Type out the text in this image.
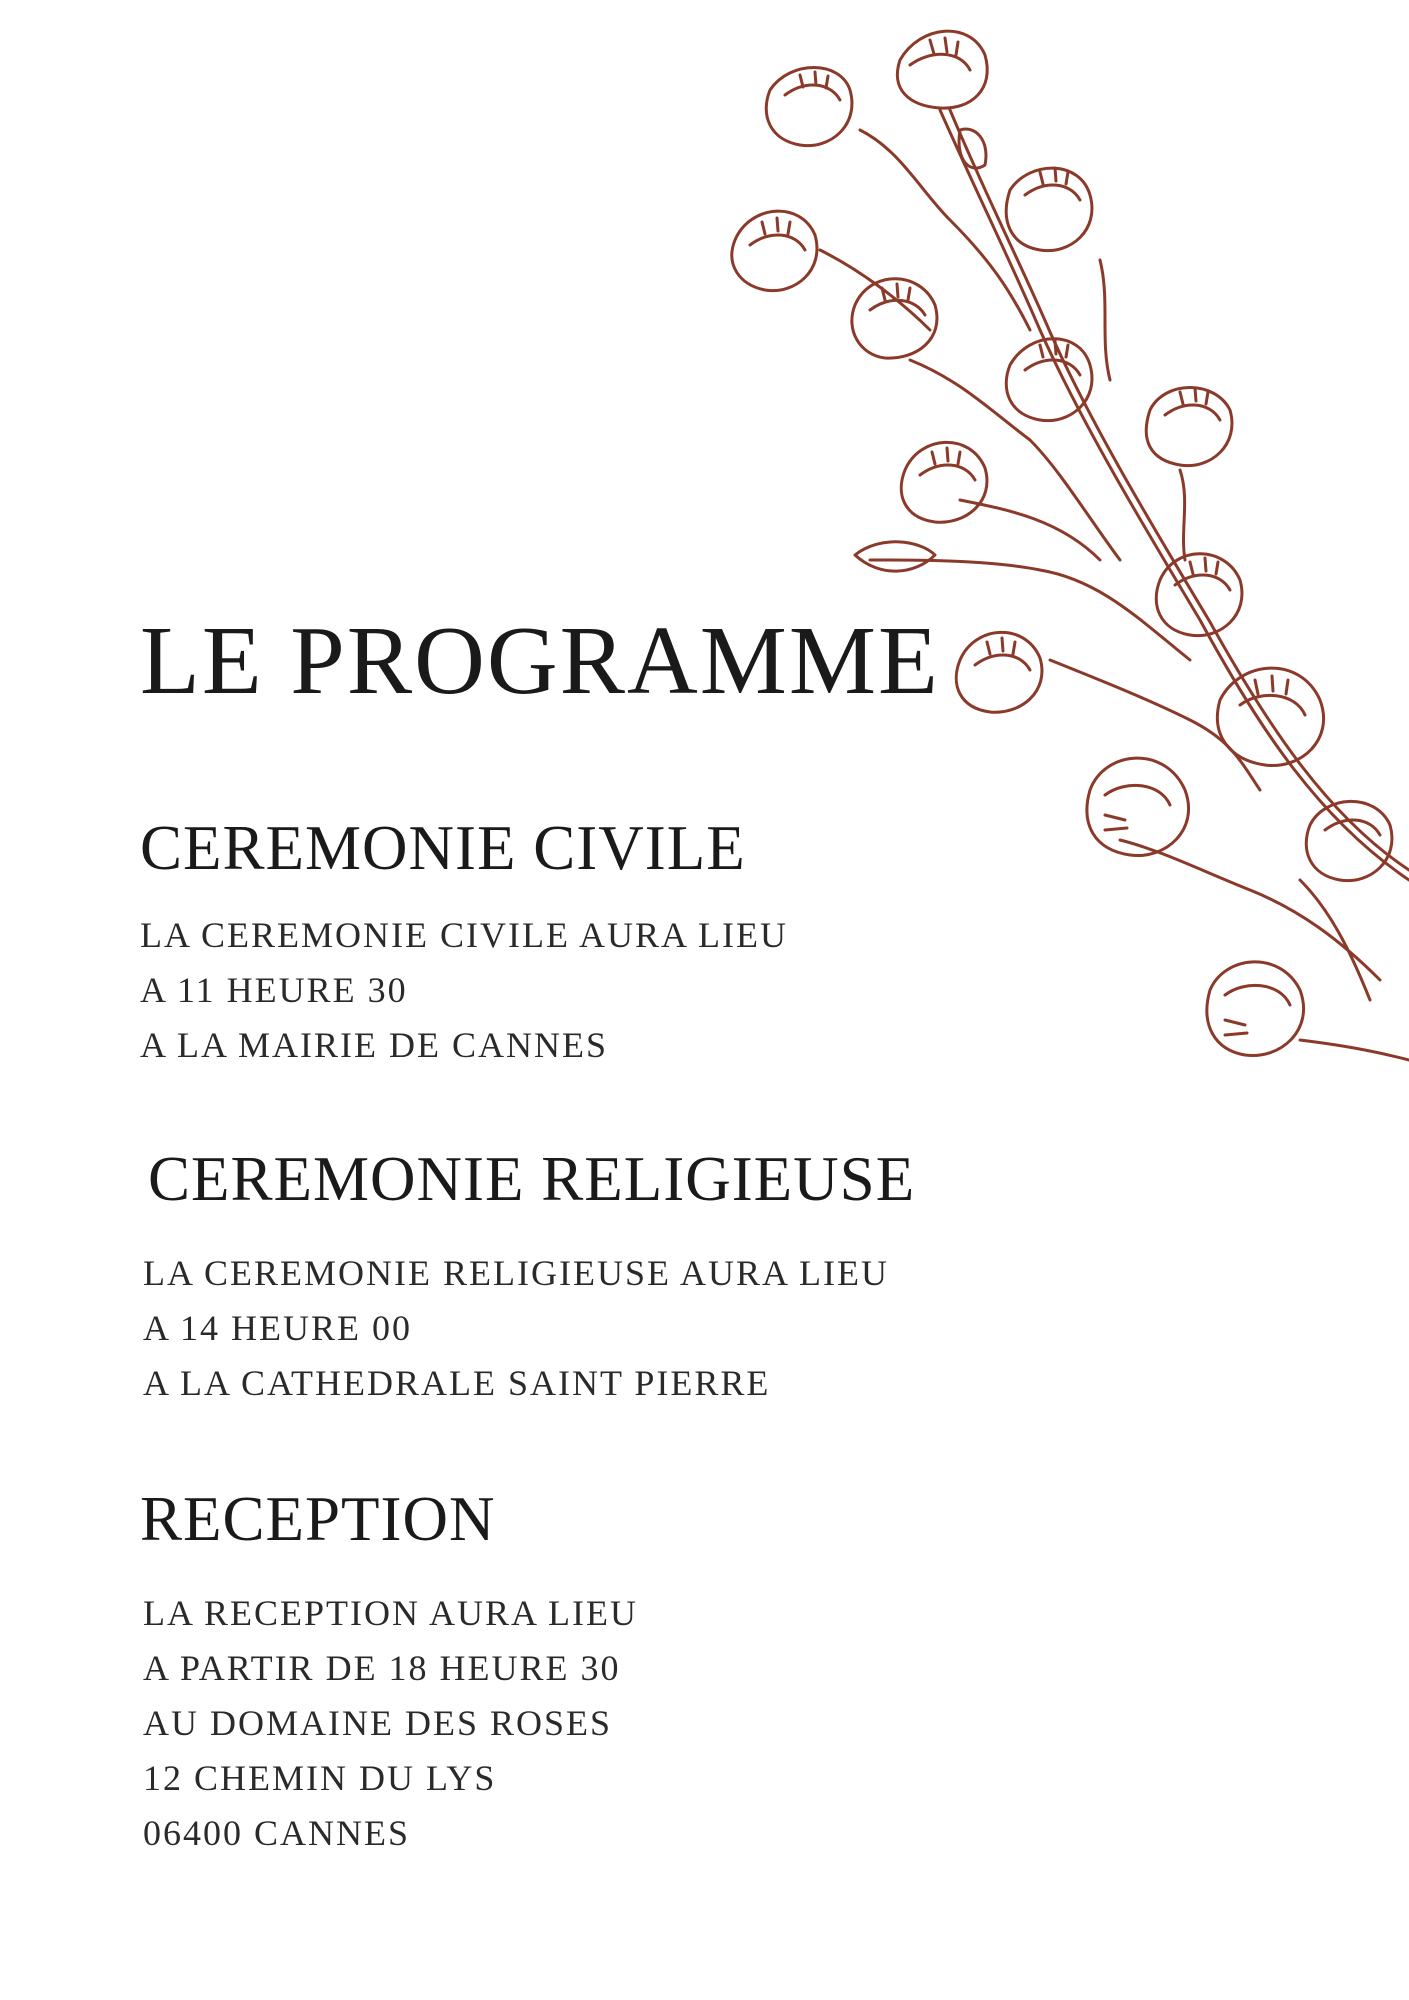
LE PROGRAMME
CEREMONIE CIVILE
LA CEREMONIE CIVILE AURA LIEU
A 11 HEURE 30
A LA MAIRIE DE CANNES
CEREMONIE RELIGIEUSE
LA CEREMONIE RELIGIEUSE AURA LIEU
A 14 HEURE 00
A LA CATHEDRALE SAINT PIERRE
RECEPTION
LA RECEPTION AURA LIEU
A PARTIR DE 18 HEURE 30
AU DOMAINE DES ROSES
12 CHEMIN DU LYS
06400 CANNES
